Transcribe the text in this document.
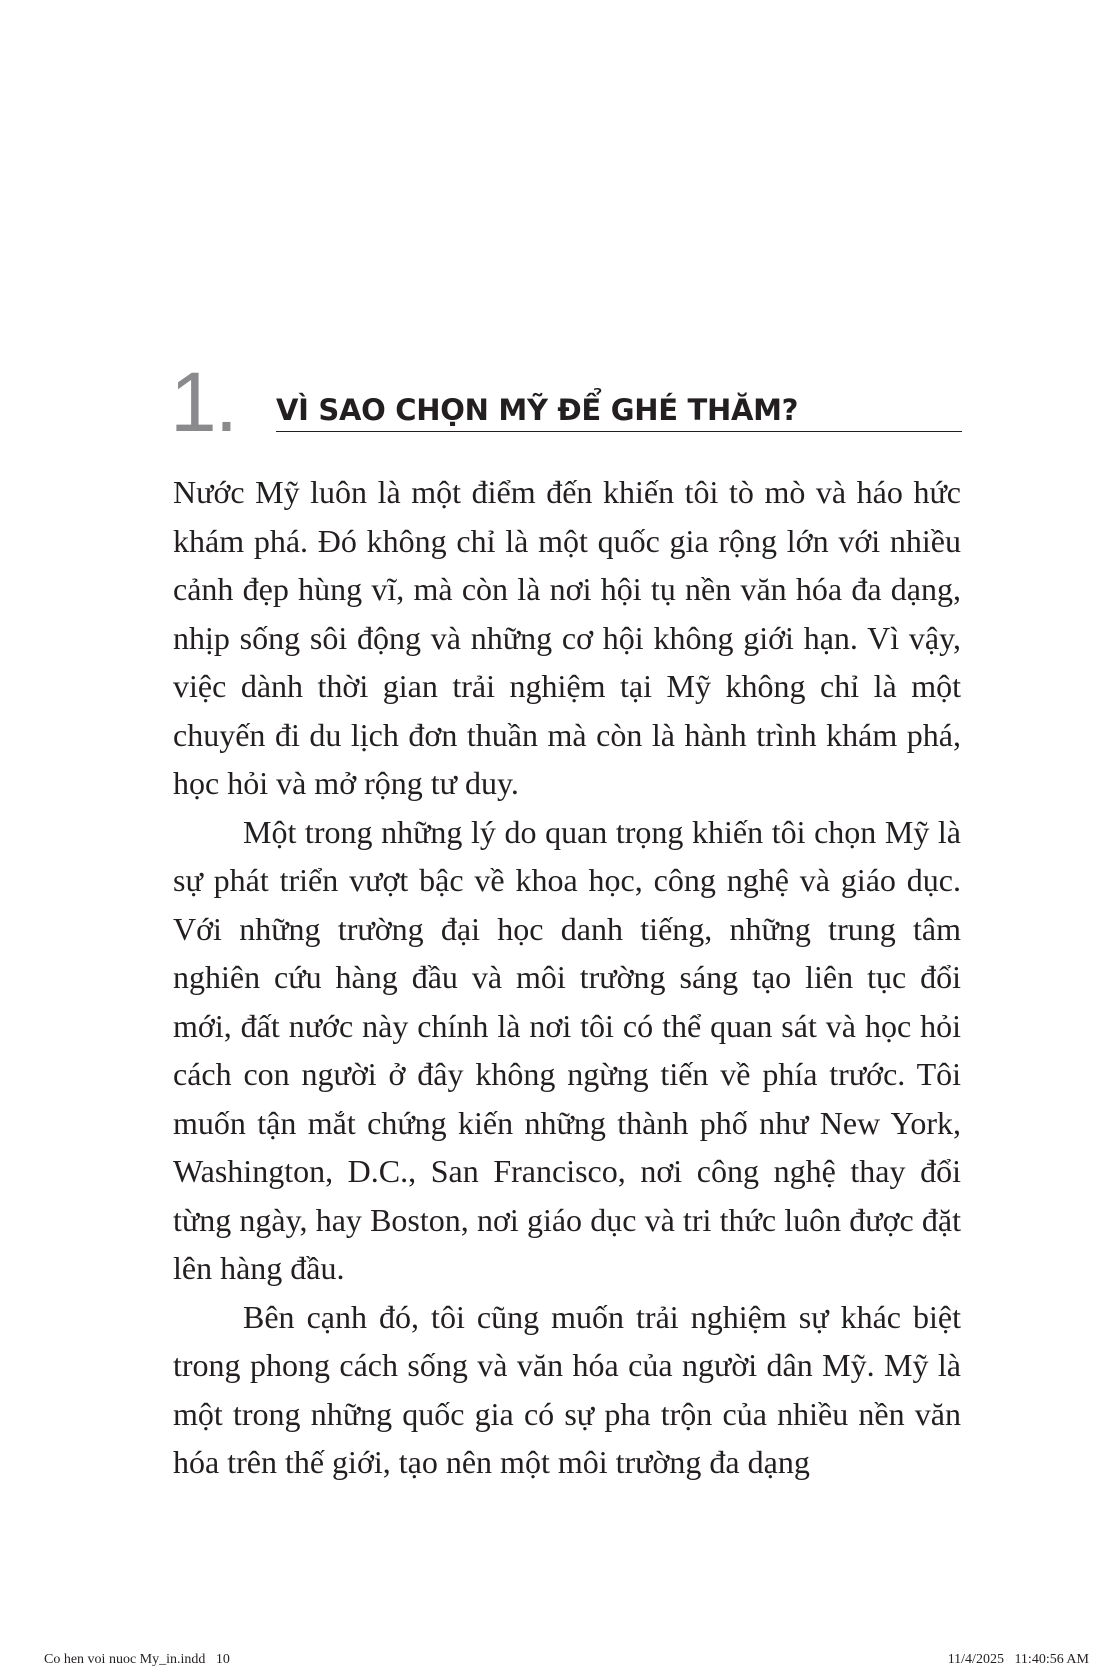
1. VÌ SAO CHỌN MỸ ĐỂ GHÉ THĂM?

Nước Mỹ luôn là một điểm đến khiến tôi tò mò và háo hức khám phá. Đó không chỉ là một quốc gia rộng lớn với nhiều cảnh đẹp hùng vĩ, mà còn là nơi hội tụ nền văn hóa đa dạng, nhịp sống sôi động và những cơ hội không giới hạn. Vì vậy, việc dành thời gian trải nghiệm tại Mỹ không chỉ là một chuyến đi du lịch đơn thuần mà còn là hành trình khám phá, học hỏi và mở rộng tư duy.

Một trong những lý do quan trọng khiến tôi chọn Mỹ là sự phát triển vượt bậc về khoa học, công nghệ và giáo dục. Với những trường đại học danh tiếng, những trung tâm nghiên cứu hàng đầu và môi trường sáng tạo liên tục đổi mới, đất nước này chính là nơi tôi có thể quan sát và học hỏi cách con người ở đây không ngừng tiến về phía trước. Tôi muốn tận mắt chứng kiến những thành phố như New York, Washington, D.C., San Francisco, nơi công nghệ thay đổi từng ngày, hay Boston, nơi giáo dục và tri thức luôn được đặt lên hàng đầu.

Bên cạnh đó, tôi cũng muốn trải nghiệm sự khác biệt trong phong cách sống và văn hóa của người dân Mỹ. Mỹ là một trong những quốc gia có sự pha trộn của nhiều nền văn hóa trên thế giới, tạo nên một môi trường đa dạng

Co hen voi nuoc My_in.indd   10	11/4/2025   11:40:56 AM
